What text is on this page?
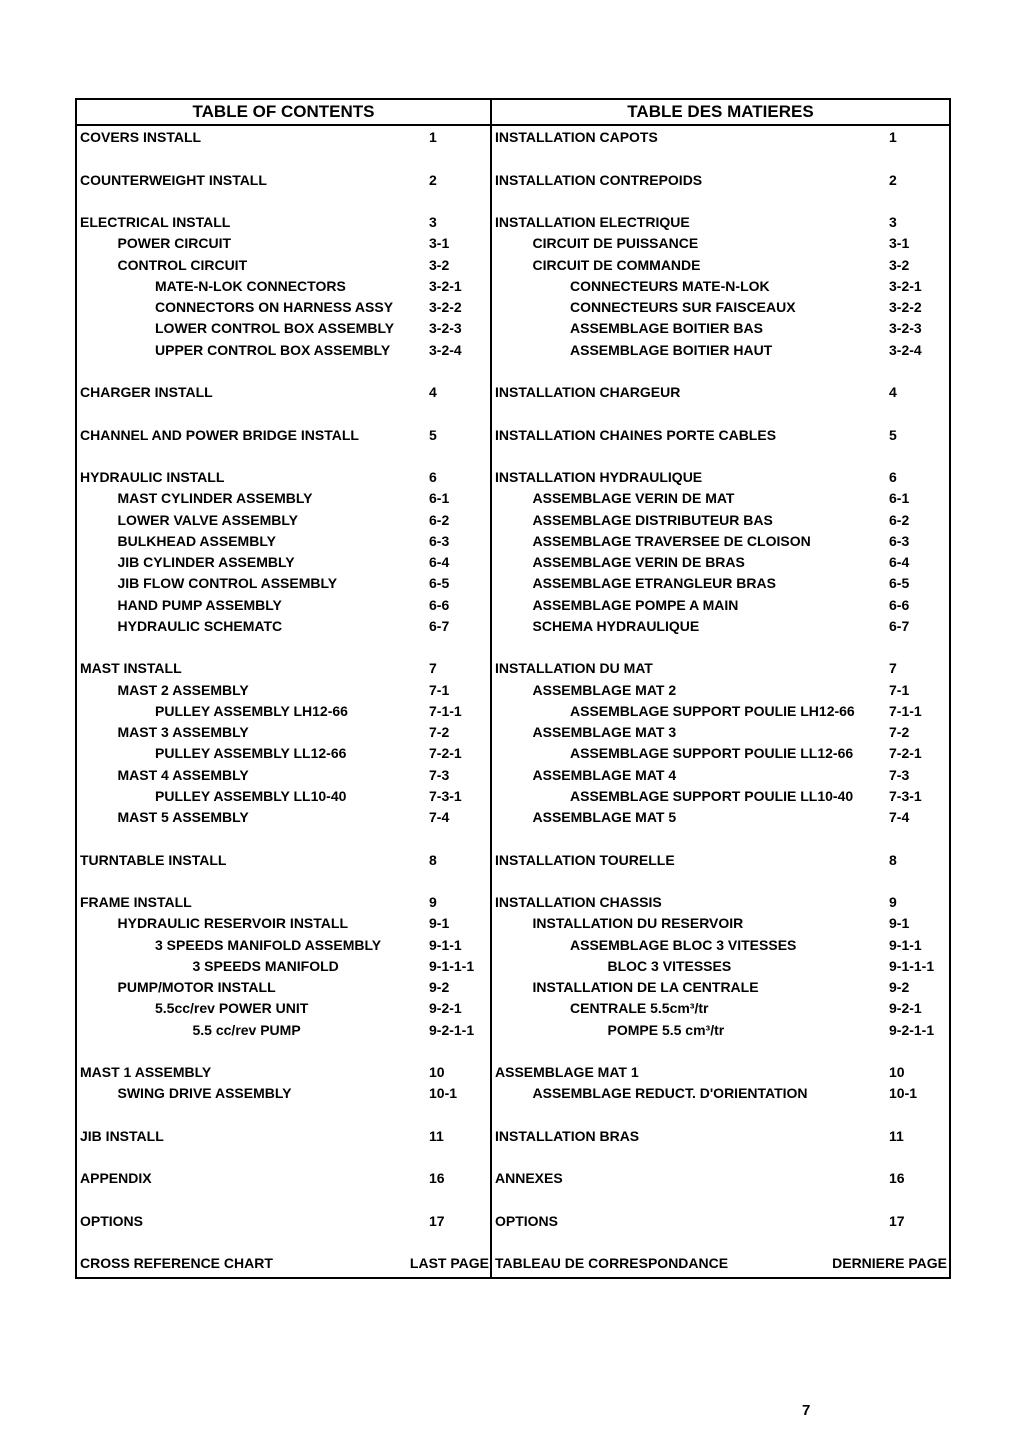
TABLE OF CONTENTS
COVERS INSTALL	1
COUNTERWEIGHT INSTALL	2
ELECTRICAL INSTALL	3
POWER CIRCUIT	3-1
CONTROL CIRCUIT	3-2
MATE-N-LOK CONNECTORS	3-2-1
CONNECTORS ON HARNESS ASSY	3-2-2
LOWER CONTROL BOX ASSEMBLY 3-2-3
UPPER CONTROL BOX ASSEMBLY	3-2-4
CHARGER INSTALL	4
CHANNEL AND POWER BRIDGE INSTALL	5
HYDRAULIC INSTALL	6
MAST CYLINDER ASSEMBLY	6-1
LOWER VALVE ASSEMBLY	6-2
BULKHEAD ASSEMBLY	6-3
JIB CYLINDER ASSEMBLY	6-4
JIB FLOW CONTROL ASSEMBLY	6-5
HAND PUMP ASSEMBLY	6-6
HYDRAULIC SCHEMATC	6-7
MAST INSTALL	7
MAST 2 ASSEMBLY	7-1
PULLEY ASSEMBLY LH12-66	7-1-1
MAST 3 ASSEMBLY	7-2
PULLEY ASSEMBLY LL12-66	7-2-1
MAST 4 ASSEMBLY	7-3
PULLEY ASSEMBLY LL10-40	7-3-1
MAST 5 ASSEMBLY	7-4
TURNTABLE INSTALL	8
FRAME INSTALL	9
HYDRAULIC RESERVOIR INSTALL	9-1
3 SPEEDS MANIFOLD ASSEMBLY	9-1-1
3 SPEEDS MANIFOLD	9-1-1-1
PUMP/MOTOR INSTALL	9-2
5.5cc/rev POWER UNIT	9-2-1
5.5 cc/rev PUMP	9-2-1-1
MAST 1 ASSEMBLY	10
SWING DRIVE ASSEMBLY	10-1
JIB INSTALL	11
APPENDIX	16
OPTIONS	17
CROSS REFERENCE CHART	LAST PAGE
TABLE DES MATIERES
INSTALLATION CAPOTS	1
INSTALLATION CONTREPOIDS	2
INSTALLATION ELECTRIQUE	3
CIRCUIT DE PUISSANCE	3-1
CIRCUIT DE COMMANDE	3-2
CONNECTEURS MATE-N-LOK	3-2-1
CONNECTEURS SUR FAISCEAUX	3-2-2
ASSEMBLAGE BOITIER BAS	3-2-3
ASSEMBLAGE BOITIER HAUT	3-2-4
INSTALLATION CHARGEUR	4
INSTALLATION CHAINES PORTE CABLES	5
INSTALLATION HYDRAULIQUE	6
ASSEMBLAGE VERIN DE MAT	6-1
ASSEMBLAGE DISTRIBUTEUR BAS	6-2
ASSEMBLAGE TRAVERSEE DE CLOISON	6-3
ASSEMBLAGE VERIN DE BRAS	6-4
ASSEMBLAGE ETRANGLEUR BRAS	6-5
ASSEMBLAGE POMPE A MAIN	6-6
SCHEMA HYDRAULIQUE	6-7
INSTALLATION DU MAT	7
ASSEMBLAGE MAT 2	7-1
ASSEMBLAGE SUPPORT POULIE LH12-66 7-1-1
ASSEMBLAGE MAT 3	7-2
ASSEMBLAGE SUPPORT POULIE LL12-66	7-2-1
ASSEMBLAGE MAT 4	7-3
ASSEMBLAGE SUPPORT POULIE LL10-40	7-3-1
ASSEMBLAGE MAT 5	7-4
INSTALLATION TOURELLE	8
INSTALLATION CHASSIS	9
INSTALLATION DU RESERVOIR	9-1
ASSEMBLAGE BLOC 3 VITESSES	9-1-1
BLOC 3 VITESSES	9-1-1-1
INSTALLATION DE LA CENTRALE	9-2
CENTRALE 5.5cm³/tr	9-2-1
POMPE 5.5 cm³/tr	9-2-1-1
ASSEMBLAGE MAT 1	10
ASSEMBLAGE REDUCT. D'ORIENTATION	10-1
INSTALLATION BRAS	11
ANNEXES	16
OPTIONS	17
TABLEAU DE CORRESPONDANCE	DERNIERE PAGE
7
